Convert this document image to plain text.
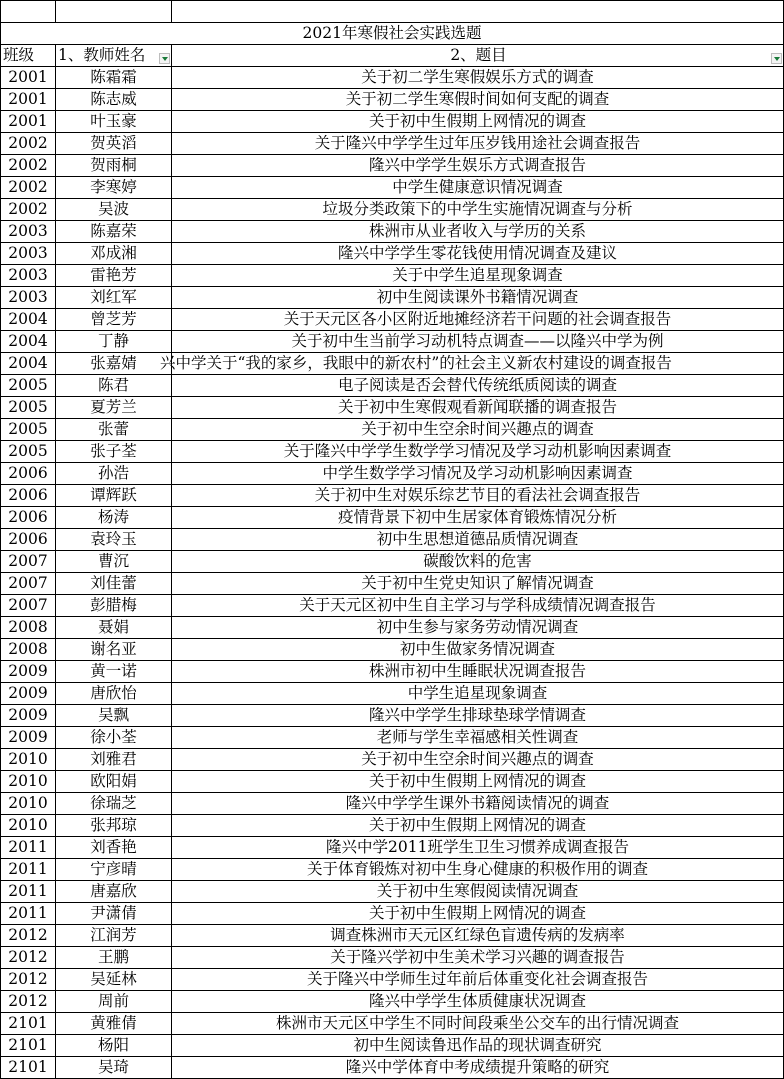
2021年寒假社会实践选题		

班级	1、教师姓名	2、题目

2001	陈霜霜	关于初二学生寒假娱乐方式的调查
2001	陈志威	关于初二学生寒假时间如何支配的调查
2001	叶玉豪	关于初中生假期上网情况的调查
2002	贺英滔	关于隆兴中学学生过年压岁钱用途社会调查报告
2002	贺雨桐	隆兴中学学生娱乐方式调查报告
2002	李寒婷	中学生健康意识情况调查
2002	吴波	垃圾分类政策下的中学生实施情况调查与分析
2003	陈嘉荣	株洲市从业者收入与学历的关系
2003	邓成湘	隆兴中学学生零花钱使用情况调查及建议
2003	雷艳芳	关于中学生追星现象调查
2003	刘红军	初中生阅读课外书籍情况调查
2004	曾芝芳	关于天元区各小区附近地摊经济若干问题的社会调查报告
2004	丁静	关于初中生当前学习动机特点调查——以隆兴中学为例
2004	张嘉婧	兴中学关于“我的家乡，我眼中的新农村”的社会主义新农村建设的调查报告

2005	陈君	电子阅读是否会替代传统纸质阅读的调查
2005	夏芳兰	关于初中生寒假观看新闻联播的调查报告
2005	张蕾	关于初中生空余时间兴趣点的调查
2005	张子荃	关于隆兴中学学生数学学习情况及学习动机影响因素调查
2006	孙浩	中学生数学学习情况及学习动机影响因素调查
2006	谭辉跃	关于初中生对娱乐综艺节目的看法社会调查报告
2006	杨涛	疫情背景下初中生居家体育锻炼情况分析
2006	袁玲玉	初中生思想道德品质情况调查
2007	曹沉	碳酸饮料的危害
2007	刘佳蕾	关于初中生党史知识了解情况调查
2007	彭腊梅	关于天元区初中生自主学习与学科成绩情况调查报告
2008	聂娟	初中生参与家务劳动情况调查
2008	谢名亚	初中生做家务情况调查
2009	黄一诺	株洲市初中生睡眠状况调查报告
2009	唐欣怡	中学生追星现象调查
2009	吴飘	隆兴中学学生排球垫球学情调查
2009	徐小荃	老师与学生幸福感相关性调查
2010	刘雅君	关于初中生空余时间兴趣点的调查
2010	欧阳娟	关于初中生假期上网情况的调查
2010	徐瑞芝	隆兴中学学生课外书籍阅读情况的调查
2010	张邦琼	关于初中生假期上网情况的调查
2011	刘香艳	隆兴中学2011班学生卫生习惯养成调查报告
2011	宁彦晴	关于体育锻炼对初中生身心健康的积极作用的调查
2011	唐嘉欣	关于初中生寒假阅读情况调查
2011	尹潇倩	关于初中生假期上网情况的调查
2012	江润芳	调查株洲市天元区红绿色盲遗传病的发病率
2012	王鹏	关于隆兴学初中生美术学习兴趣的调查报告
2012	吴延林	关于隆兴中学师生过年前后体重变化社会调查报告
2012	周前	隆兴中学学生体质健康状况调查
2101	黄雅倩	株洲市天元区中学生不同时间段乘坐公交车的出行情况调查
2101	杨阳	初中生阅读鲁迅作品的现状调查研究
2101	吴琦	隆兴中学体育中考成绩提升策略的研究
